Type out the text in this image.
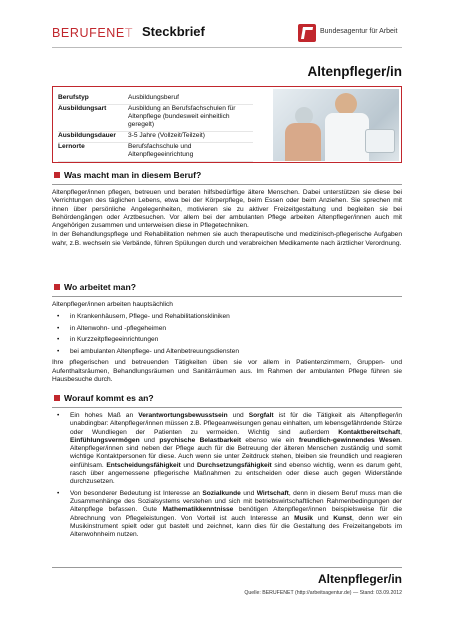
BERUFENET Steckbrief	Bundesagentur für Arbeit
Altenpfleger/in
Berufstyp	Ausbildungsberuf
Ausbildungsart	Ausbildung an Berufsfachschulen für Altenpflege (bundesweit einheitlich geregelt)
Ausbildungsdauer	3-5 Jahre (Vollzeit/Teilzeit)
Lernorte	Berufsfachschule und Altenpflegeeinrichtung
Was macht man in diesem Beruf?

Altenpfleger/innen pflegen, betreuen und beraten hilfsbedürftige ältere Menschen. Dabei unterstützen sie diese bei Verrichtungen des täglichen Lebens, etwa bei der Körperpflege, beim Essen oder beim Anziehen. Sie sprechen mit ihnen über persönliche Angelegenheiten, motivieren sie zu aktiver Freizeitgestaltung und begleiten sie bei Behördengängen oder Arztbesuchen. Vor allem bei der ambulanten Pflege arbeiten Altenpfleger/innen auch mit Angehörigen zusammen und unterweisen diese in Pflegetechniken.

In der Behandlungspflege und Rehabilitation nehmen sie auch therapeutische und medizinisch-pflegerische Aufgaben wahr, z.B. wechseln sie Verbände, führen Spülungen durch und verabreichen Medikamente nach ärztlicher Verordnung.

Wo arbeitet man?

Altenpfleger/innen arbeiten hauptsächlich

• in Krankenhäusern, Pflege- und Rehabilitationskliniken
• in Altenwohn- und -pflegeheimen
• in Kurzzeitpflegeeinrichtungen
• bei ambulanten Altenpflege- und Altenbetreuungsdiensten

Ihre pflegerischen und betreuenden Tätigkeiten üben sie vor allem in Patientenzimmern, Gruppen- und Aufenthaltsräumen, Behandlungsräumen und Sanitärräumen aus. Im Rahmen der ambulanten Pflege führen sie Hausbesuche durch.

Worauf kommt es an?
• Ein hohes Maß an Verantwortungsbewusstsein und Sorgfalt ist für die Tätigkeit als Altenpfleger/in unabdingbar: Altenpfleger/innen müssen z.B. Pflegeanweisungen genau einhalten, um lebensgefährdende Stürze oder Wundliegen der Patienten zu vermeiden. Wichtig sind außerdem Kontaktbereitschaft, Einfühlungsvermögen und psychische Belastbarkeit ebenso wie ein freundlich-gewinnendes Wesen. Altenpfleger/innen sind neben der Pflege auch für die Betreuung der älteren Menschen zuständig und somit wichtige Kontaktpersonen für diese. Auch wenn sie unter Zeitdruck stehen, bleiben sie freundlich und reagieren einfühlsam. Entscheidungsfähigkeit und Durchsetzungsfähigkeit sind ebenso wichtig, wenn es darum geht, rasch über angemessene pflegerische Maßnahmen zu entscheiden oder diese auch gegen Widerstände durchzusetzen.
• Von besonderer Bedeutung ist Interesse an Sozialkunde und Wirtschaft, denn in diesem Beruf muss man die Zusammenhänge des Sozialsystems verstehen und sich mit betriebswirtschaftlichen Rahmenbedingungen der Altenpflege befassen. Gute Mathematikkenntnisse benötigen Altenpfleger/innen beispielsweise für die Abrechnung von Pflegeleistungen. Von Vorteil ist auch Interesse an Musik und Kunst, denn wer ein Musikinstrument spielt oder gut bastelt und zeichnet, kann dies für die Gestaltung des Freizeitangebots im Altenwohnheim nutzen.
Altenpfleger/in
Quelle: BERUFENET (http://arbeitsagentur.de) — Stand: 03.09.2012
